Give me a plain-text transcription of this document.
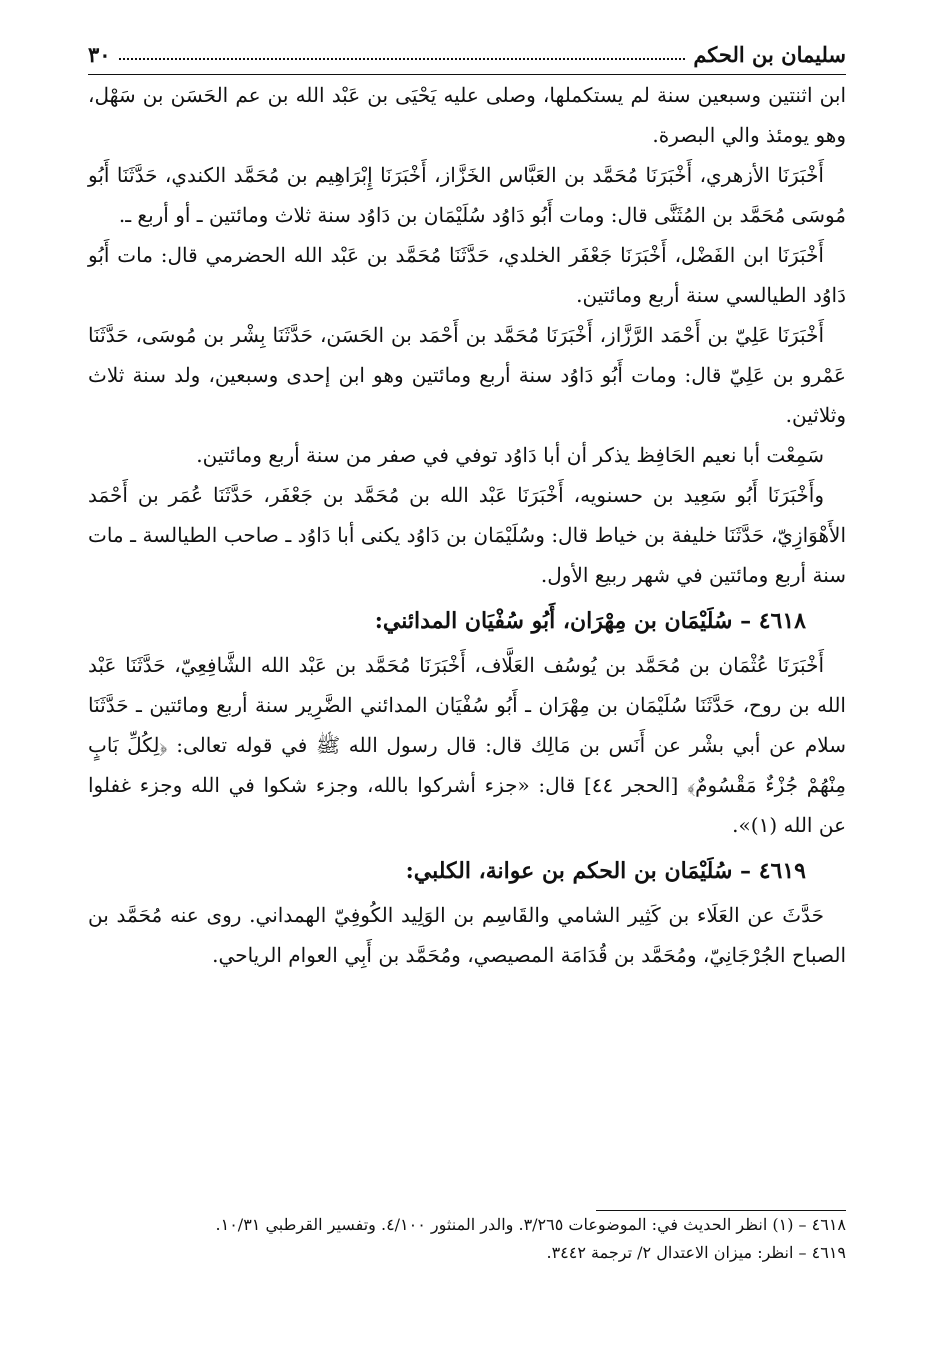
سليمان بن الحكم
٣٠

ابن اثنتين وسبعين سنة لم يستكملها، وصلى عليه يَحْيَى بن عَبْد الله بن عم الحَسَن بن سَهْل، وهو يومئذ والي البصرة.

أَخْبَرَنَا الأزهري، أَخْبَرَنَا مُحَمَّد بن العَبَّاس الخَزَّاز، أَخْبَرَنَا إِبْرَاهِيم بن مُحَمَّد الكندي، حَدَّثَنَا أَبُو مُوسَى مُحَمَّد بن المُثَنَّى قال: ومات أَبُو دَاوُد سُلَيْمَان بن دَاوُد سنة ثلاث ومائتين ـ أو أربع ـ.

أَخْبَرَنَا ابن الفَضْل، أَخْبَرَنَا جَعْفَر الخلدي، حَدَّثَنَا مُحَمَّد بن عَبْد الله الحضرمي قال: مات أَبُو دَاوُد الطيالسي سنة أربع ومائتين.

أَخْبَرَنَا عَلِيّ بن أَحْمَد الرَّزَّاز، أَخْبَرَنَا مُحَمَّد بن أَحْمَد بن الحَسَن، حَدَّثَنَا بِشْر بن مُوسَى، حَدَّثَنَا عَمْرو بن عَلِيّ قال: ومات أَبُو دَاوُد سنة أربع ومائتين وهو ابن إحدى وسبعين، ولد سنة ثلاث وثلاثين.

سَمِعْت أبا نعيم الحَافِظ يذكر أن أبا دَاوُد توفي في صفر من سنة أربع ومائتين.

وأَخْبَرَنَا أَبُو سَعِيد بن حسنويه، أَخْبَرَنَا عَبْد الله بن مُحَمَّد بن جَعْفَر، حَدَّثَنَا عُمَر بن أَحْمَد الأَهْوَازِيّ، حَدَّثَنَا خليفة بن خياط قال: وسُلَيْمَان بن دَاوُد يكنى أبا دَاوُد ـ صاحب الطيالسة ـ مات سنة أربع ومائتين في شهر ربيع الأول.

٤٦١٨ – سُلَيْمَان بن مِهْرَان، أَبُو سُفْيَان المدائني:

أَخْبَرَنَا عُثْمَان بن مُحَمَّد بن يُوسُف العَلَّاف، أَخْبَرَنَا مُحَمَّد بن عَبْد الله الشَّافِعِيّ، حَدَّثَنَا عَبْد الله بن روح، حَدَّثَنَا سُلَيْمَان بن مِهْرَان ـ أَبُو سُفْيَان المدائني الضَّرِير سنة أربع ومائتين ـ حَدَّثَنَا سلام عن أبي بشْر عن أَنَس بن مَالِك قال: قال رسول الله ﷺ في قوله تعالى: ﴿لِكُلِّ بَابٍ مِنْهُمْ جُزْءٌ مَقْسُومٌ﴾ [الحجر ٤٤] قال: «جزء أشركوا بالله، وجزء شكوا في الله وجزء غفلوا عن الله (١)».

٤٦١٩ – سُلَيْمَان بن الحكم بن عوانة، الكلبي:

حَدَّثَ عن العَلَاء بن كَثِير الشامي والقَاسِم بن الوَلِيد الكُوفِيّ الهمداني. روى عنه مُحَمَّد بن الصباح الجُرْجَانِيّ، ومُحَمَّد بن قُدَامَة المصيصي، ومُحَمَّد بن أَبِي العوام الرياحي.

٤٦١٨ – (١) انظر الحديث في: الموضوعات ٣/٢٦٥. والدر المنثور ٤/١٠٠. وتفسير القرطبي ١٠/٣١.

٤٦١٩ – انظر: ميزان الاعتدال ٢/ ترجمة ٣٤٤٢.
